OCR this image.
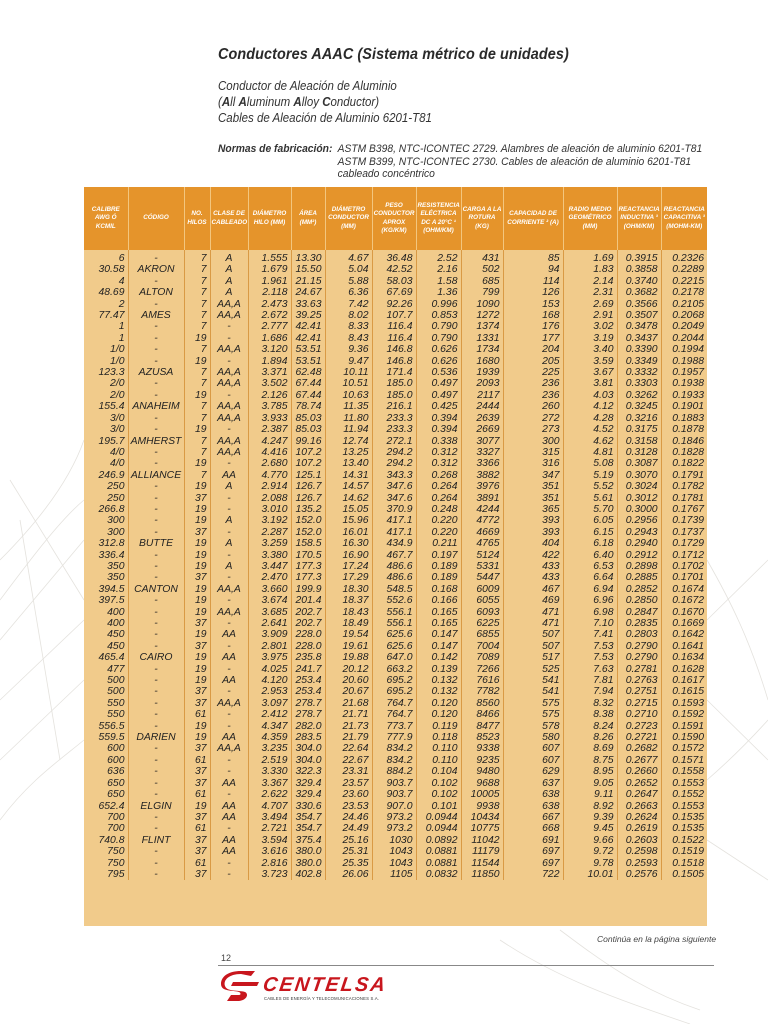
Conductores AAAC (Sistema métrico de unidades)
Conductor de Aleación de Aluminio
(All Aluminum Alloy Conductor)
Cables de Aleación de Aluminio 6201-T81
Normas de fabricación: ASTM B398, NTC-ICONTEC 2729. Alambres de aleación de aluminio 6201-T81
ASTM B399, NTC-ICONTEC 2730. Cables de aleación de aluminio 6201-T81
cableado concéntrico
CALIBRE AWG Ó KCMIL	CÓDIGO	NO. HILOS	CLASE DE CABLEADO	DIÁMETRO HILO (MM)	ÁREA (MM²)	DIÁMETRO CONDUCTOR (MM)	PESO CONDUCTOR APROX (KG/KM)	RESISTENCIA ELÉCTRICA DC A 20°C ¹ (OHM/KM)	CARGA A LA ROTURA (KG)	CAPACIDAD DE CORRIENTE ² (A)	RADIO MEDIO GEOMÉTRICO (MM)	REACTANCIA INDUCTIVA ³ (OHM/KM)	REACTANCIA CAPACITIVA ³ (MOHM-KM)
6	-	7	A	1.555	13.30	4.67	36.48	2.52	431	85	1.69	0.3915	0.2326
30.58	AKRON	7	A	1.679	15.50	5.04	42.52	2.16	502	94	1.83	0.3858	0.2289
4	-	7	A	1.961	21.15	5.88	58.03	1.58	685	114	2.14	0.3740	0.2215
48.69	ALTON	7	A	2.118	24.67	6.36	67.69	1.36	799	126	2.31	0.3682	0.2178
2	-	7	AA,A	2.473	33.63	7.42	92.26	0.996	1090	153	2.69	0.3566	0.2105
77.47	AMES	7	AA,A	2.672	39.25	8.02	107.7	0.853	1272	168	2.91	0.3507	0.2068
1	-	7	-	2.777	42.41	8.33	116.4	0.790	1374	176	3.02	0.3478	0.2049
1	-	19	-	1.686	42.41	8.43	116.4	0.790	1331	177	3.19	0.3437	0.2044
1/0	-	7	AA,A	3.120	53.51	9.36	146.8	0.626	1734	204	3.40	0.3390	0.1994
1/0	-	19	-	1.894	53.51	9.47	146.8	0.626	1680	205	3.59	0.3349	0.1988
123.3	AZUSA	7	AA,A	3.371	62.48	10.11	171.4	0.536	1939	225	3.67	0.3332	0.1957
2/0	-	7	AA,A	3.502	67.44	10.51	185.0	0.497	2093	236	3.81	0.3303	0.1938
2/0	-	19	-	2.126	67.44	10.63	185.0	0.497	2117	236	4.03	0.3262	0.1933
155.4	ANAHEIM	7	AA,A	3.785	78.74	11.35	216.1	0.425	2444	260	4.12	0.3245	0.1901
3/0	-	7	AA,A	3.933	85.03	11.80	233.3	0.394	2639	272	4.28	0.3216	0.1883
3/0	-	19	-	2.387	85.03	11.94	233.3	0.394	2669	273	4.52	0.3175	0.1878
195.7	AMHERST	7	AA,A	4.247	99.16	12.74	272.1	0.338	3077	300	4.62	0.3158	0.1846
4/0	-	7	AA,A	4.416	107.2	13.25	294.2	0.312	3327	315	4.81	0.3128	0.1828
4/0	-	19	-	2.680	107.2	13.40	294.2	0.312	3366	316	5.08	0.3087	0.1822
246.9	ALLIANCE	7	AA	4.770	125.1	14.31	343.3	0.268	3882	347	5.19	0.3070	0.1791
250	-	19	A	2.914	126.7	14.57	347.6	0.264	3976	351	5.52	0.3024	0.1782
250	-	37	-	2.088	126.7	14.62	347.6	0.264	3891	351	5.61	0.3012	0.1781
266.8	-	19	-	3.010	135.2	15.05	370.9	0.248	4244	365	5.70	0.3000	0.1767
300	-	19	A	3.192	152.0	15.96	417.1	0.220	4772	393	6.05	0.2956	0.1739
300	-	37	-	2.287	152.0	16.01	417.1	0.220	4669	393	6.15	0.2943	0.1737
312.8	BUTTE	19	A	3.259	158.5	16.30	434.9	0.211	4765	404	6.18	0.2940	0.1729
336.4	-	19	-	3.380	170.5	16.90	467.7	0.197	5124	422	6.40	0.2912	0.1712
350	-	19	A	3.447	177.3	17.24	486.6	0.189	5331	433	6.53	0.2898	0.1702
350	-	37	-	2.470	177.3	17.29	486.6	0.189	5447	433	6.64	0.2885	0.1701
394.5	CANTON	19	AA,A	3.660	199.9	18.30	548.5	0.168	6009	467	6.94	0.2852	0.1674
397.5	-	19	-	3.674	201.4	18.37	552.6	0.166	6055	469	6.96	0.2850	0.1672
400	-	19	AA,A	3.685	202.7	18.43	556.1	0.165	6093	471	6.98	0.2847	0.1670
400	-	37	-	2.641	202.7	18.49	556.1	0.165	6225	471	7.10	0.2835	0.1669
450	-	19	AA	3.909	228.0	19.54	625.6	0.147	6855	507	7.41	0.2803	0.1642
450	-	37	-	2.801	228.0	19.61	625.6	0.147	7004	507	7.53	0.2790	0.1641
465.4	CAIRO	19	AA	3.975	235.8	19.88	647.0	0.142	7089	517	7.53	0.2790	0.1634
477	-	19	-	4.025	241.7	20.12	663.2	0.139	7266	525	7.63	0.2781	0.1628
500	-	19	AA	4.120	253.4	20.60	695.2	0.132	7616	541	7.81	0.2763	0.1617
500	-	37	-	2.953	253.4	20.67	695.2	0.132	7782	541	7.94	0.2751	0.1615
550	-	37	AA,A	3.097	278.7	21.68	764.7	0.120	8560	575	8.32	0.2715	0.1593
550	-	61	-	2.412	278.7	21.71	764.7	0.120	8466	575	8.38	0.2710	0.1592
556.5	-	19	-	4.347	282.0	21.73	773.7	0.119	8477	578	8.24	0.2723	0.1591
559.5	DARIEN	19	AA	4.359	283.5	21.79	777.9	0.118	8523	580	8.26	0.2721	0.1590
600	-	37	AA,A	3.235	304.0	22.64	834.2	0.110	9338	607	8.69	0.2682	0.1572
600	-	61	-	2.519	304.0	22.67	834.2	0.110	9235	607	8.75	0.2677	0.1571
636	-	37	-	3.330	322.3	23.31	884.2	0.104	9480	629	8.95	0.2660	0.1558
650	-	37	AA	3.367	329.4	23.57	903.7	0.102	9688	637	9.05	0.2652	0.1553
650	-	61	-	2.622	329.4	23.60	903.7	0.102	10005	638	9.11	0.2647	0.1552
652.4	ELGIN	19	AA	4.707	330.6	23.53	907.0	0.101	9938	638	8.92	0.2663	0.1553
700	-	37	AA	3.494	354.7	24.46	973.2	0.0944	10434	667	9.39	0.2624	0.1535
700	-	61	-	2.721	354.7	24.49	973.2	0.0944	10775	668	9.45	0.2619	0.1535
740.8	FLINT	37	AA	3.594	375.4	25.16	1030	0.0892	11042	691	9.66	0.2603	0.1522
750	-	37	AA	3.616	380.0	25.31	1043	0.0881	11179	697	9.72	0.2598	0.1519
750	-	61	-	2.816	380.0	25.35	1043	0.0881	11544	697	9.78	0.2593	0.1518
795	-	37	-	3.723	402.8	26.06	1105	0.0832	11850	722	10.01	0.2576	0.1505
Continúa en la página siguiente
12
CENTELSA
CABLES DE ENERGÍA Y TELECOMUNICACIONES S.A.
